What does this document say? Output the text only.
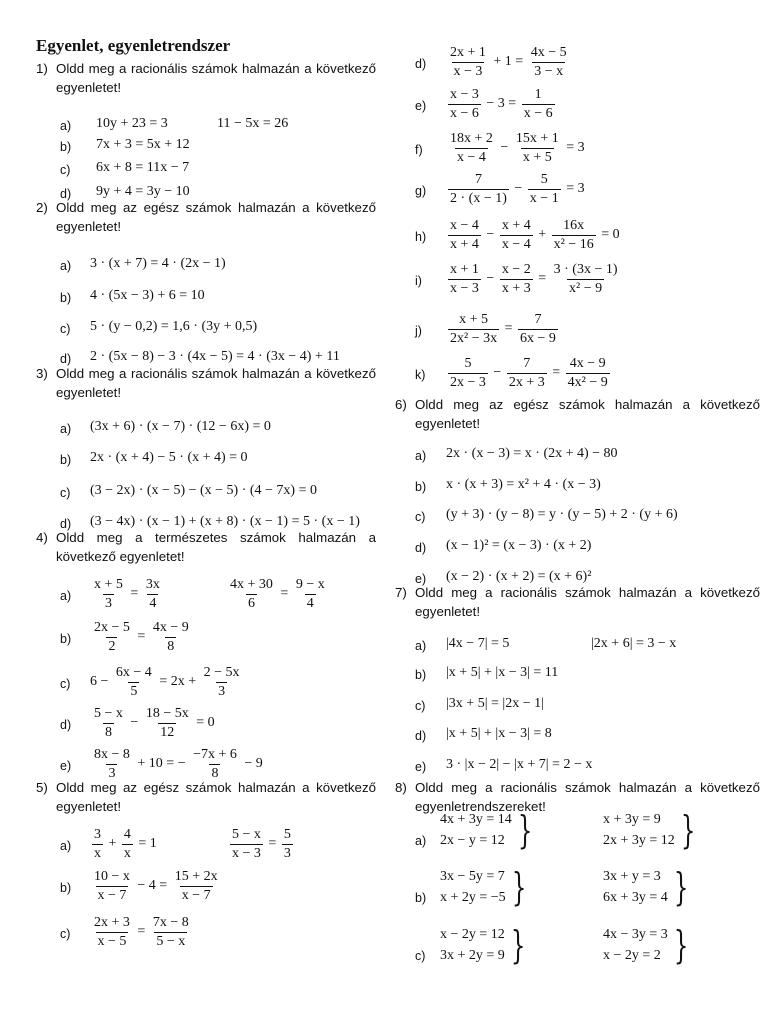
Egyenlet, egyenletrendszer
1) Oldd meg a racionális számok halmazán a következő egyenletet!
a) 10y + 23 = 3	11 − 5x = 26
b) 7x + 3 = 5x + 12
c) 6x + 8 = 11x − 7
d) 9y + 4 = 3y − 10
2) Oldd meg az egész számok halmazán a következő egyenletet!
a) 3 · (x + 7) = 4 · (2x − 1)
b) 4 · (5x − 3) + 6 = 10
c) 5 · (y − 0,2) = 1,6 · (3y + 0,5)
d) 2 · (5x − 8) − 3 · (4x − 5) = 4 · (3x − 4) + 11
3) Oldd meg a racionális számok halmazán a következő egyenletet!
a) (3x + 6) · (x − 7) · (12 − 6x) = 0
b) 2x · (x + 4) − 5 · (x + 4) = 0
c) (3 − 2x) · (x − 5) − (x − 5) · (4 − 7x) = 0
d) (3 − 4x) · (x − 1) + (x + 8) · (x − 1) = 5 · (x − 1)
4) Oldd meg a természetes számok halmazán a következő egyenletet!
$a) \frac{x + 5}{3} = \frac{3x}{4}$	$\frac{4x + 30}{6} = \frac{9 - x}{4}$
$b) \frac{2x - 5}{2} = \frac{4x - 9}{8}$
c) $6 - \frac{6x - 4}{5} = 2x + \frac{2 - 5x}{3}$
$d) \frac{5 - x}{8} - \frac{18 - 5x}{12} = 0$
$e) \frac{8x - 8}{3} + 10$ = − $\frac{-7x + 6}{8} - 9$
5) Oldd meg az egész számok halmazán a következő egyenletet!
$a) \frac{3}{x} + \frac{4}{x} = 1$	$\frac{5 - x}{x - 3} = \frac{5}{3}$
$b) \frac{10 - x}{x - 7} - 4 = \frac{15 + 2x}{x - 7}$
$c) \frac{2x + 3}{x - 5} = \frac{7x - 8}{5 - x}$
$d) \frac{2x + 1}{x - 3} + 1 = \frac{4x - 5}{3 - x}$
$e) \frac{x - 3}{x - 6} - 3 = \frac{1}{x - 6}$
$f) \frac{18x + 2}{x - 4} - \frac{15x + 1}{x + 5} = 3$
$g) \frac{7}{2 \cdot (x - 1)} - \frac{5}{x - 1} = 3$
$h) \frac{x - 4}{x + 4} - \frac{x + 4}{x - 4} + \frac{16x}{\text{x² − 16}} = 0$
$i) \frac{x + 1}{x - 3} - \frac{x - 2}{x + 3} = \frac{3 \cdot (3x - 1)}{\text{x² − 9}}$
$j) \frac{x + 5}{\text{2x² − 3x}} = \frac{7}{6x - 9}$
$k) \frac{5}{2x - 3} - \frac{7}{2x + 3} = \frac{4x - 9}{\text{4x² − 9}}$
6) Oldd meg az egész számok halmazán a következő egyenletet!
a) 2x · (x − 3) = x · (2x + 4) − 80
b) x · (x + 3) = x² + 4 · (x − 3)
c) (y + 3) · (y − 8) = y · (y − 5) + 2 · (y + 6)
d) (x − 1)² = (x − 3) · (x + 2)
e) (x − 2) · (x + 2) = (x + 6)²
7) Oldd meg a racionális számok halmazán a következő egyenletet!
a) |4x − 7| = 5	|2x + 6| = 3 − x
b) |x + 5| + |x − 3| = 11
c) |3x + 5| = |2x − 1|
d) |x + 5| + |x − 3| = 8
e) 3 · |x − 2| − |x + 7| = 2 − x
8) Oldd meg a racionális számok halmazán a következő egyenletrendszereket!
a)
4x + 3y = 14
2x − y = 12 }	x + 3y = 9
2x + 3y = 12 }
b)
3x − 5y = 7
x + 2y = −5 }	3x + y = 3
6x + 3y = 4 }
c)
x − 2y = 12
3x + 2y = 9 }	4x − 3y = 3
x − 2y = 2 }
